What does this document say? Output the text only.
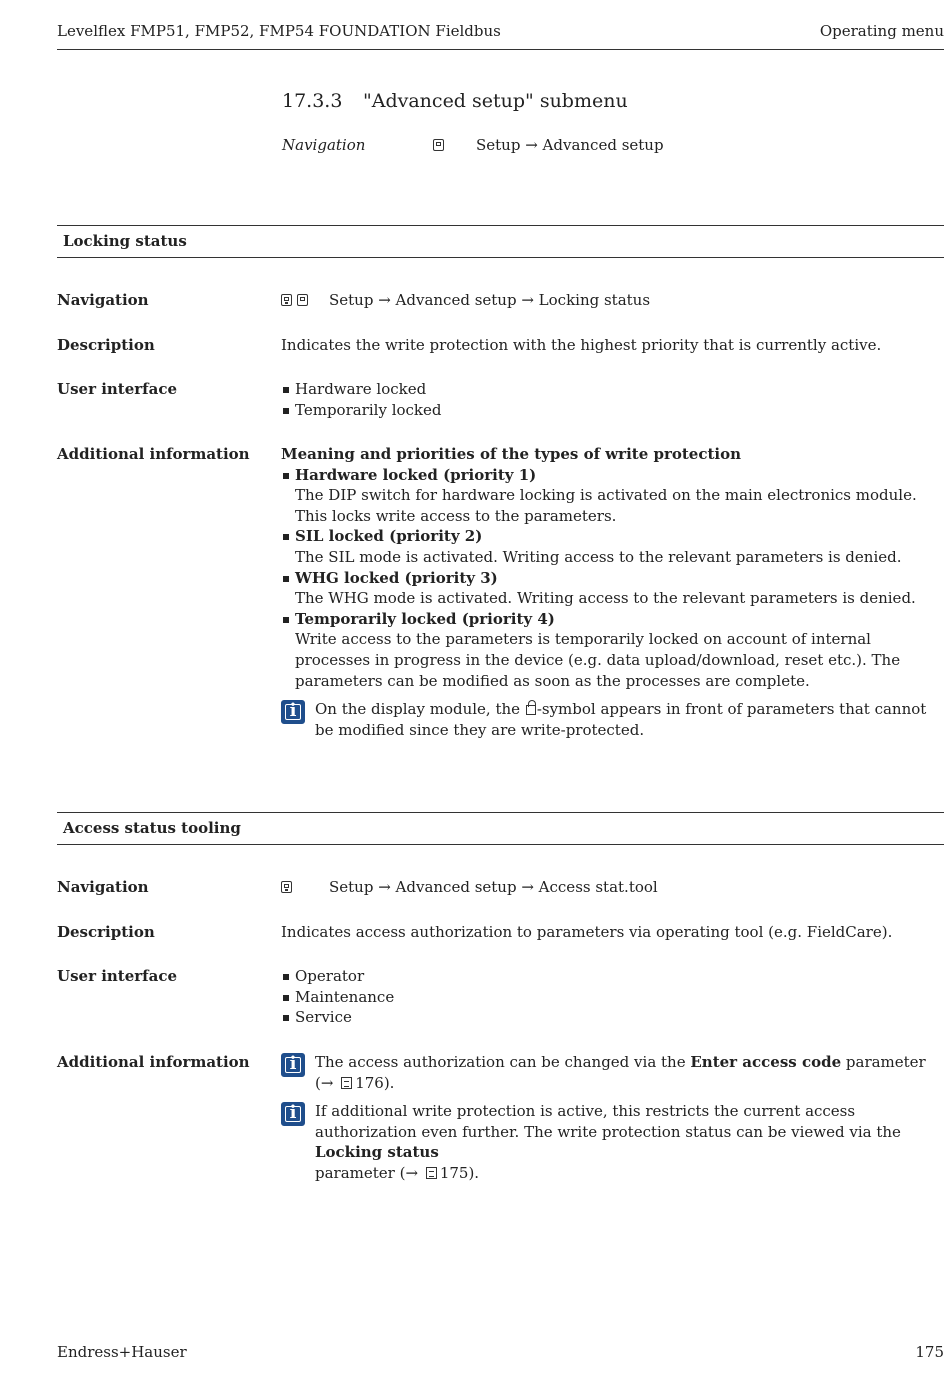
Levelflex FMP51, FMP52, FMP54 FOUNDATION Fieldbus	Operating menu
17.3.3 "Advanced setup" submenu
Navigation	Setup → Advanced setup
Locking status
Navigation
	Setup → Advanced setup → Locking status
Description	Indicates the write protection with the highest priority that is currently active.
User interface	Hardware locked
Temporarily locked
Additional information Meaning and priorities of the types of write protection
Hardware locked (priority 1)
The DIP switch for hardware locking is activated on the main electronics module. This locks write access to the parameters.
SIL locked (priority 2)
The SIL mode is activated. Writing access to the relevant parameters is denied.
WHG locked (priority 3)
The WHG mode is activated. Writing access to the relevant parameters is denied.
Temporarily locked (priority 4)
Write access to the parameters is temporarily locked on account of internal processes in progress in the device (e.g. data upload/download, reset etc.). The parameters can be modified as soon as the processes are complete.
i
On the display module, the -symbol appears in front of parameters that cannot be modified since they are write-protected.
Access status tooling
Navigation	Setup → Advanced setup → Access stat.tool
Description	Indicates access authorization to parameters via operating tool (e.g. FieldCare).
User interface	Operator
Maintenance
Service
Additional information
i	The access authorization can be changed via the Enter access code parameter
(→ 176).
i
If additional write protection is active, this restricts the current access authorization even further. The write protection status can be viewed via the Locking status
parameter (→ 175).
Endress+Hauser	175
